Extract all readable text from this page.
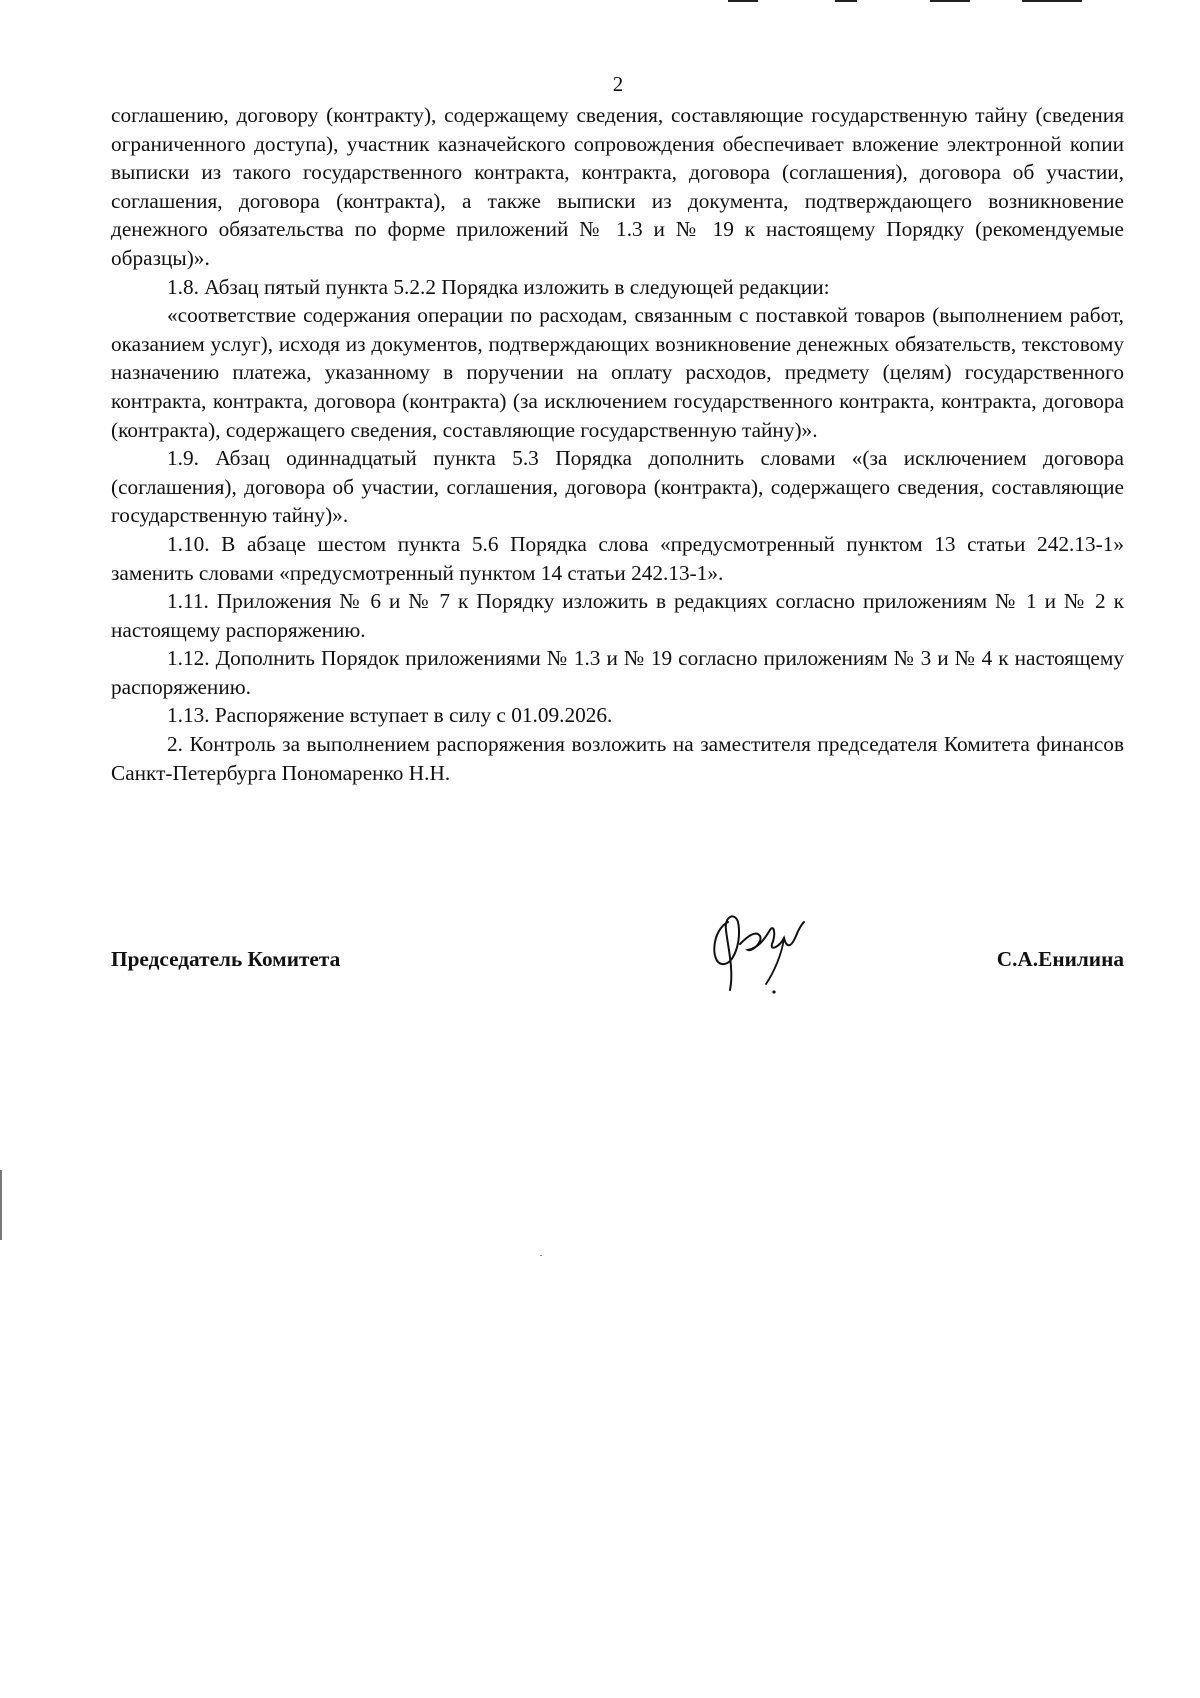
2

соглашению, договору (контракту), содержащему сведения, составляющие государственную тайну (сведения ограниченного доступа), участник казначейского сопровождения обеспечивает вложение электронной копии выписки из такого государственного контракта, контракта, договора (соглашения), договора об участии, соглашения, договора (контракта), а также выписки из документа, подтверждающего возникновение денежного обязательства по форме приложений № 1.3 и № 19 к настоящему Порядку (рекомендуемые образцы)».

1.8. Абзац пятый пункта 5.2.2 Порядка изложить в следующей редакции:

«соответствие содержания операции по расходам, связанным с поставкой товаров (выполнением работ, оказанием услуг), исходя из документов, подтверждающих возникновение денежных обязательств, текстовому назначению платежа, указанному в поручении на оплату расходов, предмету (целям) государственного контракта, контракта, договора (контракта) (за исключением государственного контракта, контракта, договора (контракта), содержащего сведения, составляющие государственную тайну)».

1.9. Абзац одиннадцатый пункта 5.3 Порядка дополнить словами «(за исключением договора (соглашения), договора об участии, соглашения, договора (контракта), содержащего сведения, составляющие государственную тайну)».

1.10. В абзаце шестом пункта 5.6 Порядка слова «предусмотренный пунктом 13 статьи 242.13-1» заменить словами «предусмотренный пунктом 14 статьи 242.13-1».

1.11. Приложения № 6 и № 7 к Порядку изложить в редакциях согласно приложениям № 1 и № 2 к настоящему распоряжению.

1.12. Дополнить Порядок приложениями № 1.3 и № 19 согласно приложениям № 3 и № 4 к настоящему распоряжению.

1.13. Распоряжение вступает в силу с 01.09.2026.

2. Контроль за выполнением распоряжения возложить на заместителя председателя Комитета финансов Санкт-Петербурга Пономаренко Н.Н.

Председатель Комитета	С.А.Енилина
